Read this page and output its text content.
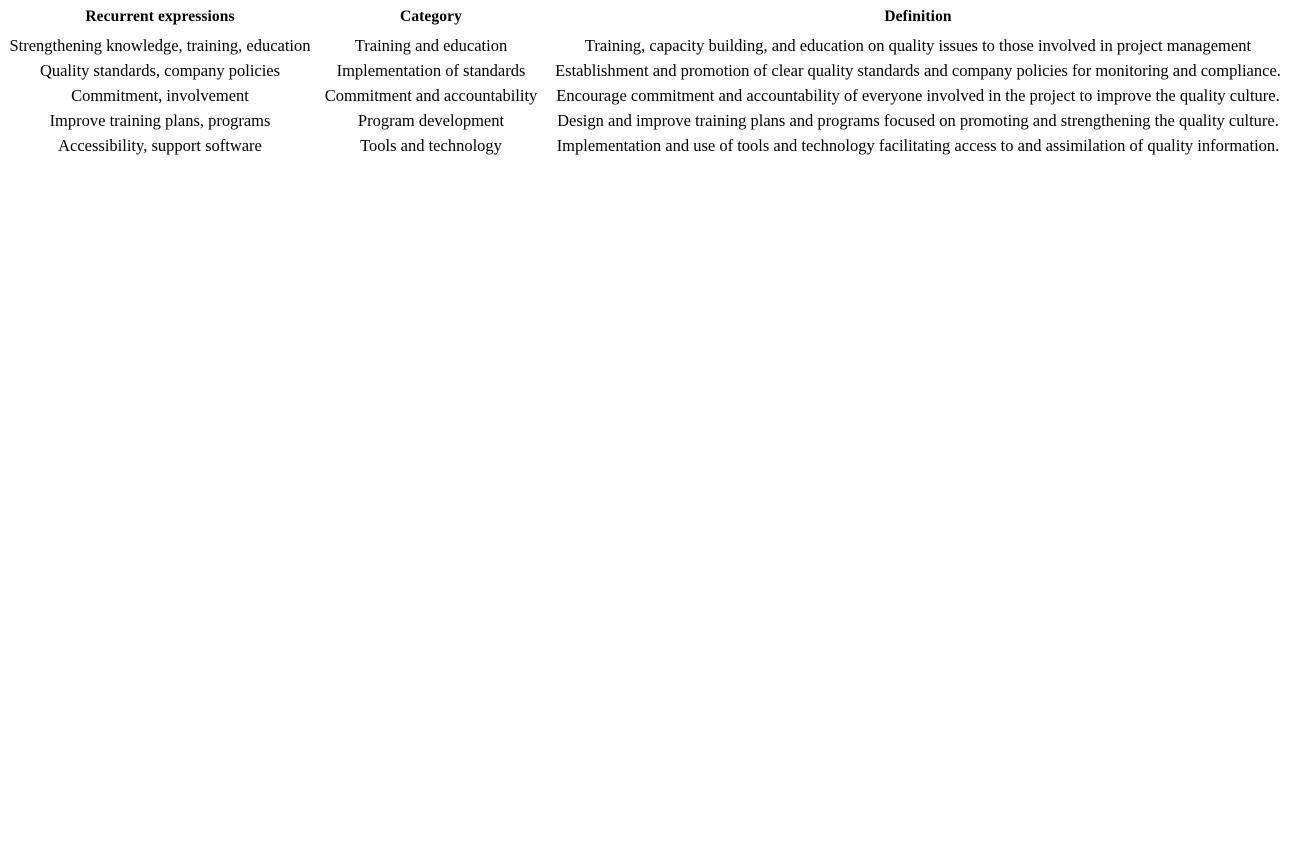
Recurrent expressions	Category	Definition
Strengthening knowledge, training, education	Training and education	Training, capacity building, and education on quality issues to those involved in project management
Quality standards, company policies	Implementation of standards	Establishment and promotion of clear quality standards and company policies for monitoring and compliance.
Commitment, involvement	Commitment and accountability	Encourage commitment and accountability of everyone involved in the project to improve the quality culture.
Improve training plans, programs	Program development	Design and improve training plans and programs focused on promoting and strengthening the quality culture.
Accessibility, support software	Tools and technology	Implementation and use of tools and technology facilitating access to and assimilation of quality information.
